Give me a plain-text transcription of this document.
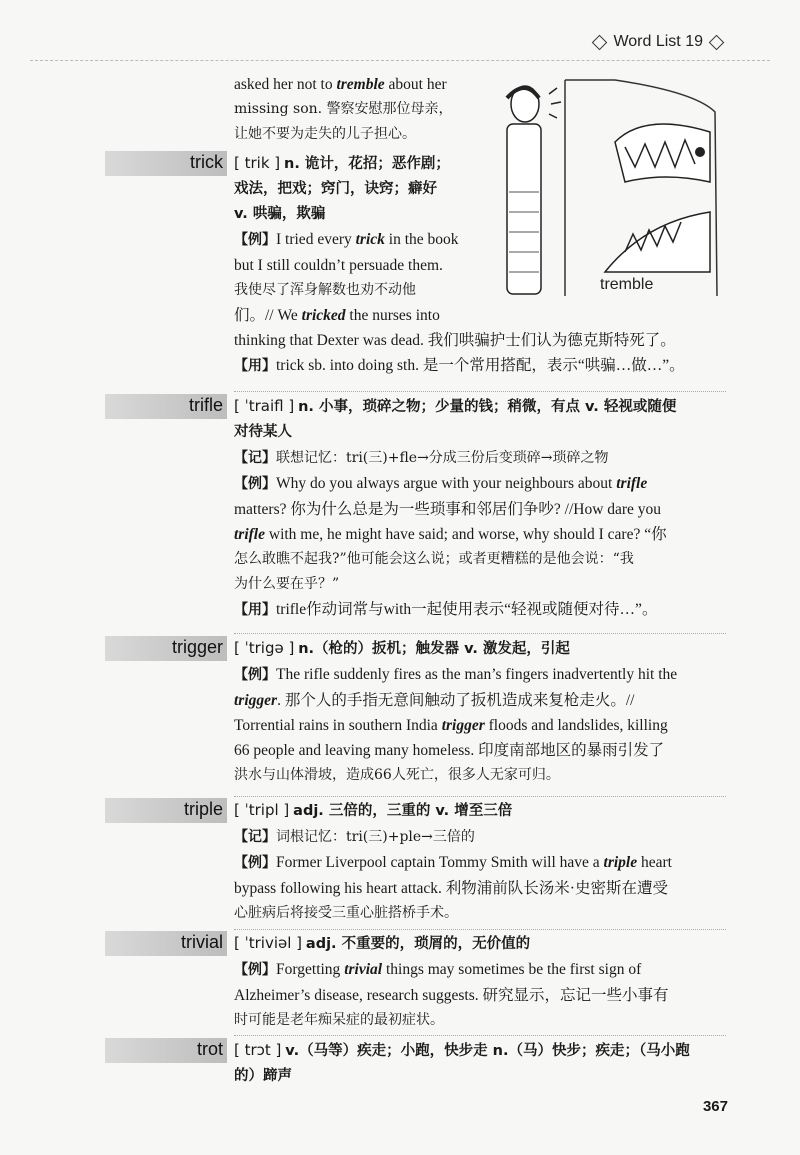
Word List 19
tremble
asked her not to tremble about her
missing son. 警察安慰那位母亲，
让她不要为走失的儿子担心。
trick [ trik ] n. 诡计，花招；恶作剧；
戏法，把戏；窍门，诀窍；癖好
v. 哄骗，欺骗
【例】I tried every trick in the book
but I still couldn’t persuade them.
我使尽了浑身解数也劝不动他
们。// We tricked the nurses into
thinking that Dexter was dead. 我们哄骗护士们认为德克斯特死了。
【用】trick sb. into doing sth. 是一个常用搭配，表示“哄骗…做…”。
trifle [ ˈtraifl ] n. 小事，琐碎之物；少量的钱；稍微，有点 v. 轻视或随便
对待某人
【记】联想记忆：tri(三)+fle→分成三份后变琐碎→琐碎之物
【例】Why do you always argue with your neighbours about trifle
matters? 你为什么总是为一些琐事和邻居们争吵? //How dare you
trifle with me, he might have said; and worse, why should I care? “你
怎么敢瞧不起我?”他可能会这么说；或者更糟糕的是他会说：“我
为什么要在乎？”
【用】trifle作动词常与with一起使用表示“轻视或随便对待…”。
trigger [ ˈtrigə ] n.（枪的）扳机；触发器 v. 激发起，引起
【例】The rifle suddenly fires as the man’s fingers inadvertently hit the
trigger. 那个人的手指无意间触动了扳机造成来复枪走火。//
Torrential rains in southern India trigger floods and landslides, killing
66 people and leaving many homeless. 印度南部地区的暴雨引发了
洪水与山体滑坡，造成66人死亡，很多人无家可归。
triple [ ˈtripl ] adj. 三倍的，三重的 v. 增至三倍
【记】词根记忆：tri(三)+ple→三倍的
【例】Former Liverpool captain Tommy Smith will have a triple heart
bypass following his heart attack. 利物浦前队长汤米·史密斯在遭受
心脏病后将接受三重心脏搭桥手术。
trivial [ ˈtriviəl ] adj. 不重要的，琐屑的，无价值的
【例】Forgetting trivial things may sometimes be the first sign of
Alzheimer’s disease, research suggests. 研究显示，忘记一些小事有
时可能是老年痴呆症的最初症状。
trot [ trɔt ] v.（马等）疾走；小跑，快步走 n.（马）快步；疾走；（马小跑
的）蹄声
367
